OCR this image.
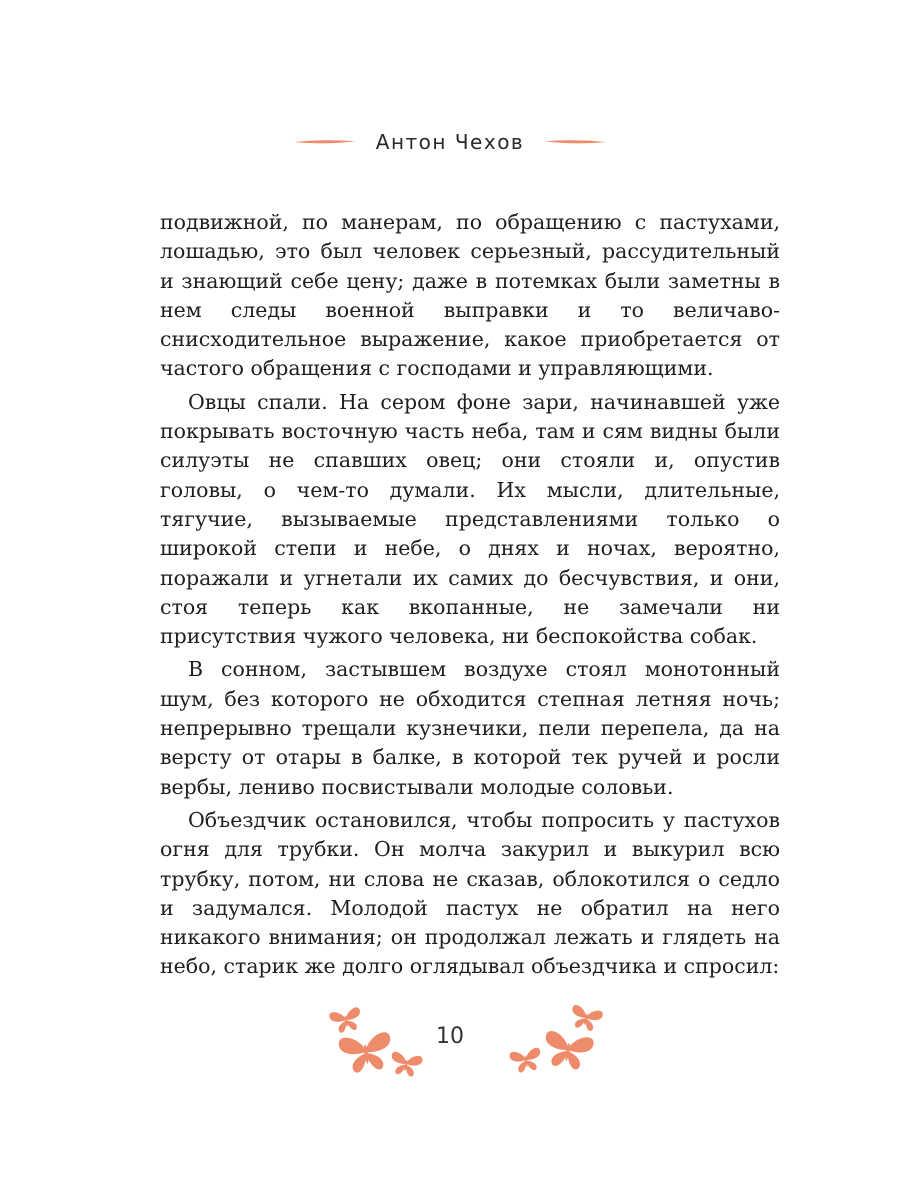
Антон Чехов

подвижной, по манерам, по обращению с пастухами, лошадью, это был человек серьезный, рассудительный и знающий себе цену; даже в потемках были заметны в нем следы военной выправки и то величаво-снисходительное выражение, какое приобретается от частого обращения с господами и управляющими.

Овцы спали. На сером фоне зари, начинавшей уже покрывать восточную часть неба, там и сям видны были силуэты не спавших овец; они стояли и, опустив головы, о чем-то думали. Их мысли, длительные, тягучие, вызываемые представлениями только о широкой степи и небе, о днях и ночах, вероятно, поражали и угнетали их самих до бесчувствия, и они, стоя теперь как вкопанные, не замечали ни присутствия чужого человека, ни беспокойства собак.

В сонном, застывшем воздухе стоял монотонный шум, без которого не обходится степная летняя ночь; непрерывно трещали кузнечики, пели перепела, да на версту от отары в балке, в которой тек ручей и росли вербы, лениво посвистывали молодые соловьи.

Объездчик остановился, чтобы попросить у пастухов огня для трубки. Он молча закурил и выкурил всю трубку, потом, ни слова не сказав, облокотился о седло и задумался. Молодой пастух не обратил на него никакого внимания; он продолжал лежать и глядеть на небо, старик же долго оглядывал объездчика и спросил:

10
